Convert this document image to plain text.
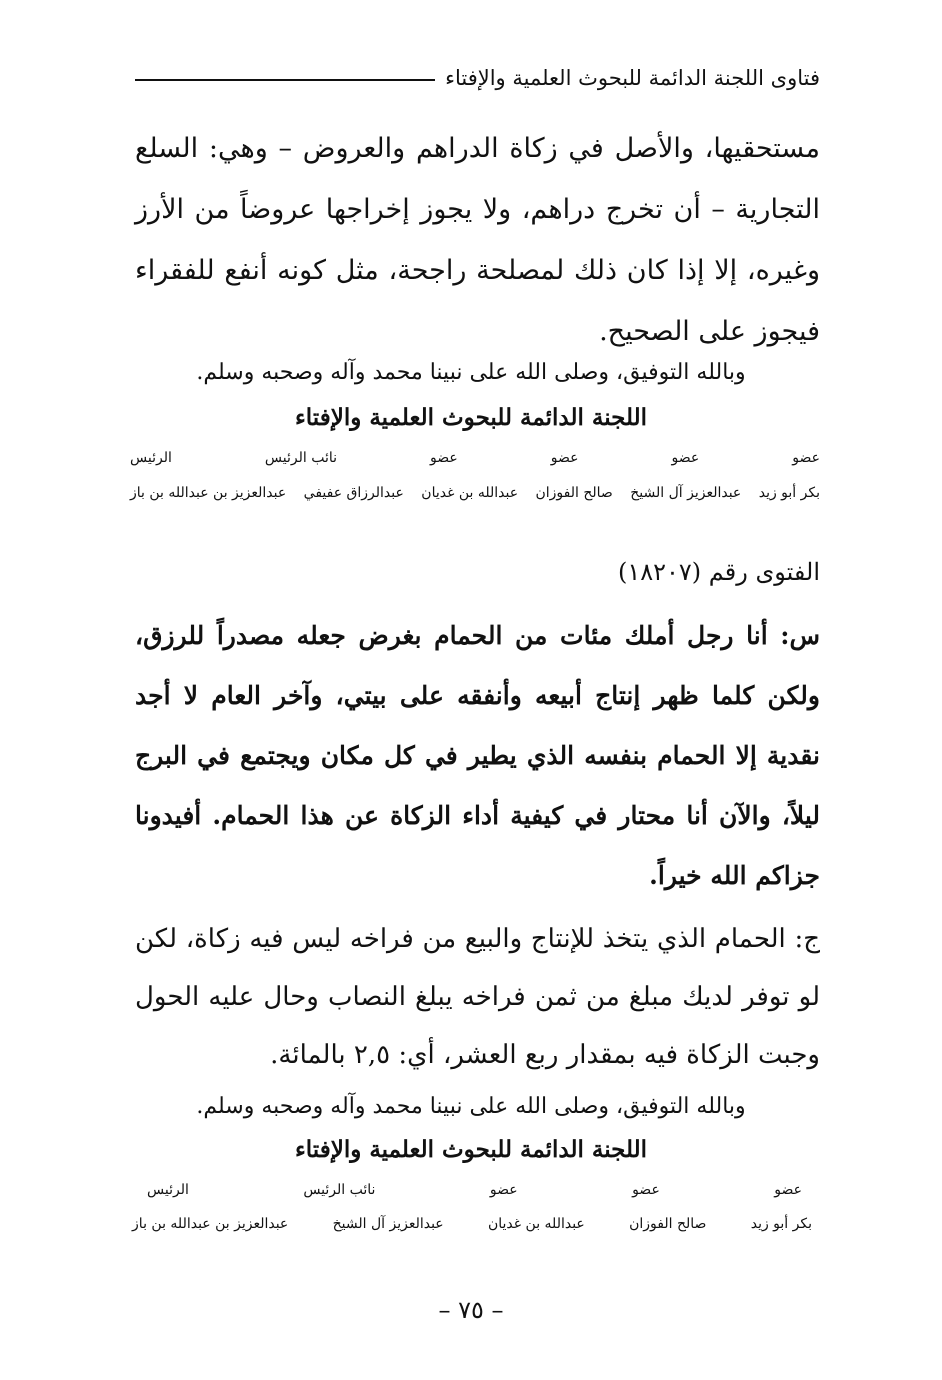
فتاوى اللجنة الدائمة للبحوث العلمية والإفتاء
مستحقيها، والأصل في زكاة الدراهم والعروض – وهي: السلع التجارية – أن تخرج دراهم، ولا يجوز إخراجها عروضاً من الأرز وغيره، إلا إذا كان ذلك لمصلحة راجحة، مثل كونه أنفع للفقراء فيجوز على الصحيح.
وبالله التوفيق، وصلى الله على نبينا محمد وآله وصحبه وسلم.
اللجنة الدائمة للبحوث العلمية والإفتاء
عضو
عضو
عضو
عضو
نائب الرئيس
الرئيس
بكر أبو زيد
عبدالعزيز آل الشيخ
صالح الفوزان
عبدالله بن غديان
عبدالرزاق عفيفي
عبدالعزيز بن عبدالله بن باز
الفتوى رقم (١٨٢٠٧)
س: أنا رجل أملك مئات من الحمام بغرض جعله مصدراً للرزق، ولكن كلما ظهر إنتاج أبيعه وأنفقه على بيتي، وآخر العام لا أجد نقدية إلا الحمام بنفسه الذي يطير في كل مكان ويجتمع في البرج ليلاً، والآن أنا محتار في كيفية أداء الزكاة عن هذا الحمام. أفيدونا جزاكم الله خيراً.
ج: الحمام الذي يتخذ للإنتاج والبيع من فراخه ليس فيه زكاة، لكن لو توفر لديك مبلغ من ثمن فراخه يبلغ النصاب وحال عليه الحول وجبت الزكاة فيه بمقدار ربع العشر، أي: ٢,٥ بالمائة.
وبالله التوفيق، وصلى الله على نبينا محمد وآله وصحبه وسلم.
اللجنة الدائمة للبحوث العلمية والإفتاء
عضو
عضو
عضو
نائب الرئيس
الرئيس
بكر أبو زيد
صالح الفوزان
عبدالله بن غديان
عبدالعزيز آل الشيخ
عبدالعزيز بن عبدالله بن باز
– ٧٥ –
